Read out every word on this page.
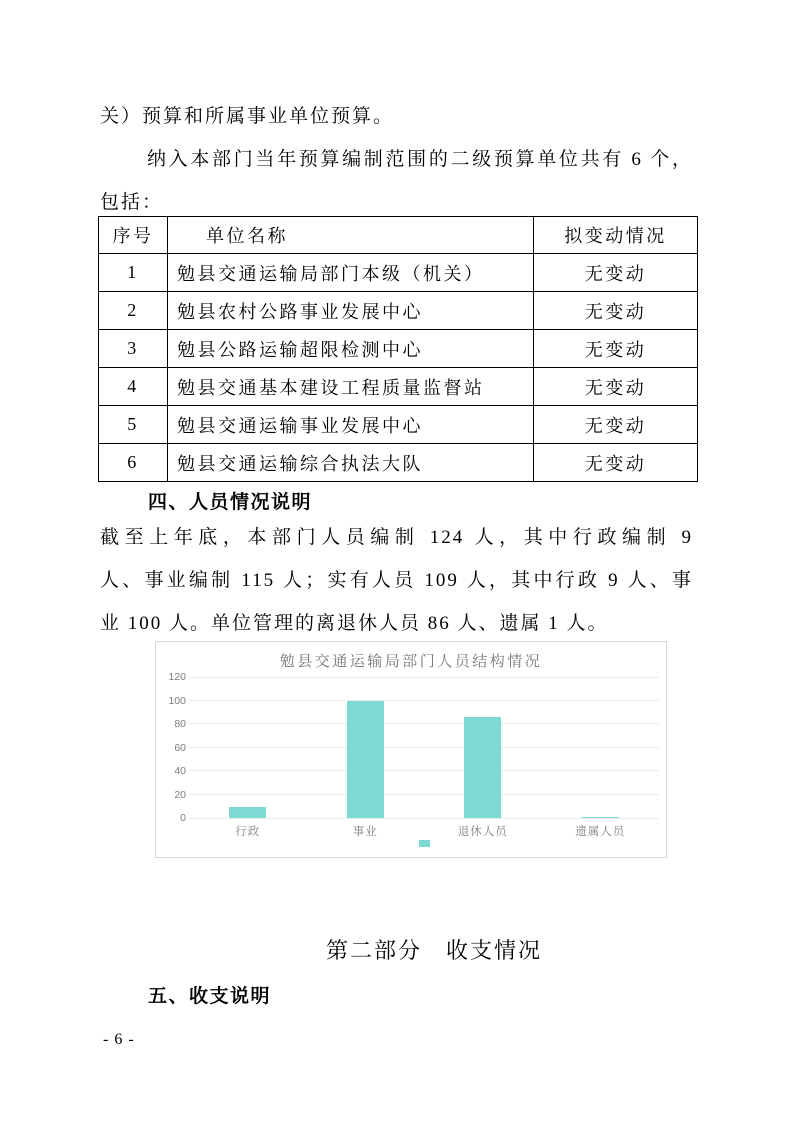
关）预算和所属事业单位预算。

纳入本部门当年预算编制范围的二级预算单位共有 6 个，

包括：

序号	单位名称	拟变动情况
1	勉县交通运输局部门本级（机关）	无变动
2	勉县农村公路事业发展中心	无变动
3	勉县公路运输超限检测中心	无变动
4	勉县交通基本建设工程质量监督站	无变动
5	勉县交通运输事业发展中心	无变动
6	勉县交通运输综合执法大队	无变动
四、人员情况说明

截至上年底，本部门人员编制 124 人，其中行政编制 9

人、事业编制 115 人；实有人员 109 人，其中行政 9 人、事

业 100 人。单位管理的离退休人员 86 人、遗属 1 人。

勉县交通运输局部门人员结构情况
0
20
40
60
80
100
120
行政	事业	退休人员	遗属人员
第二部分　收支情况
五、收支说明
- 6 -
